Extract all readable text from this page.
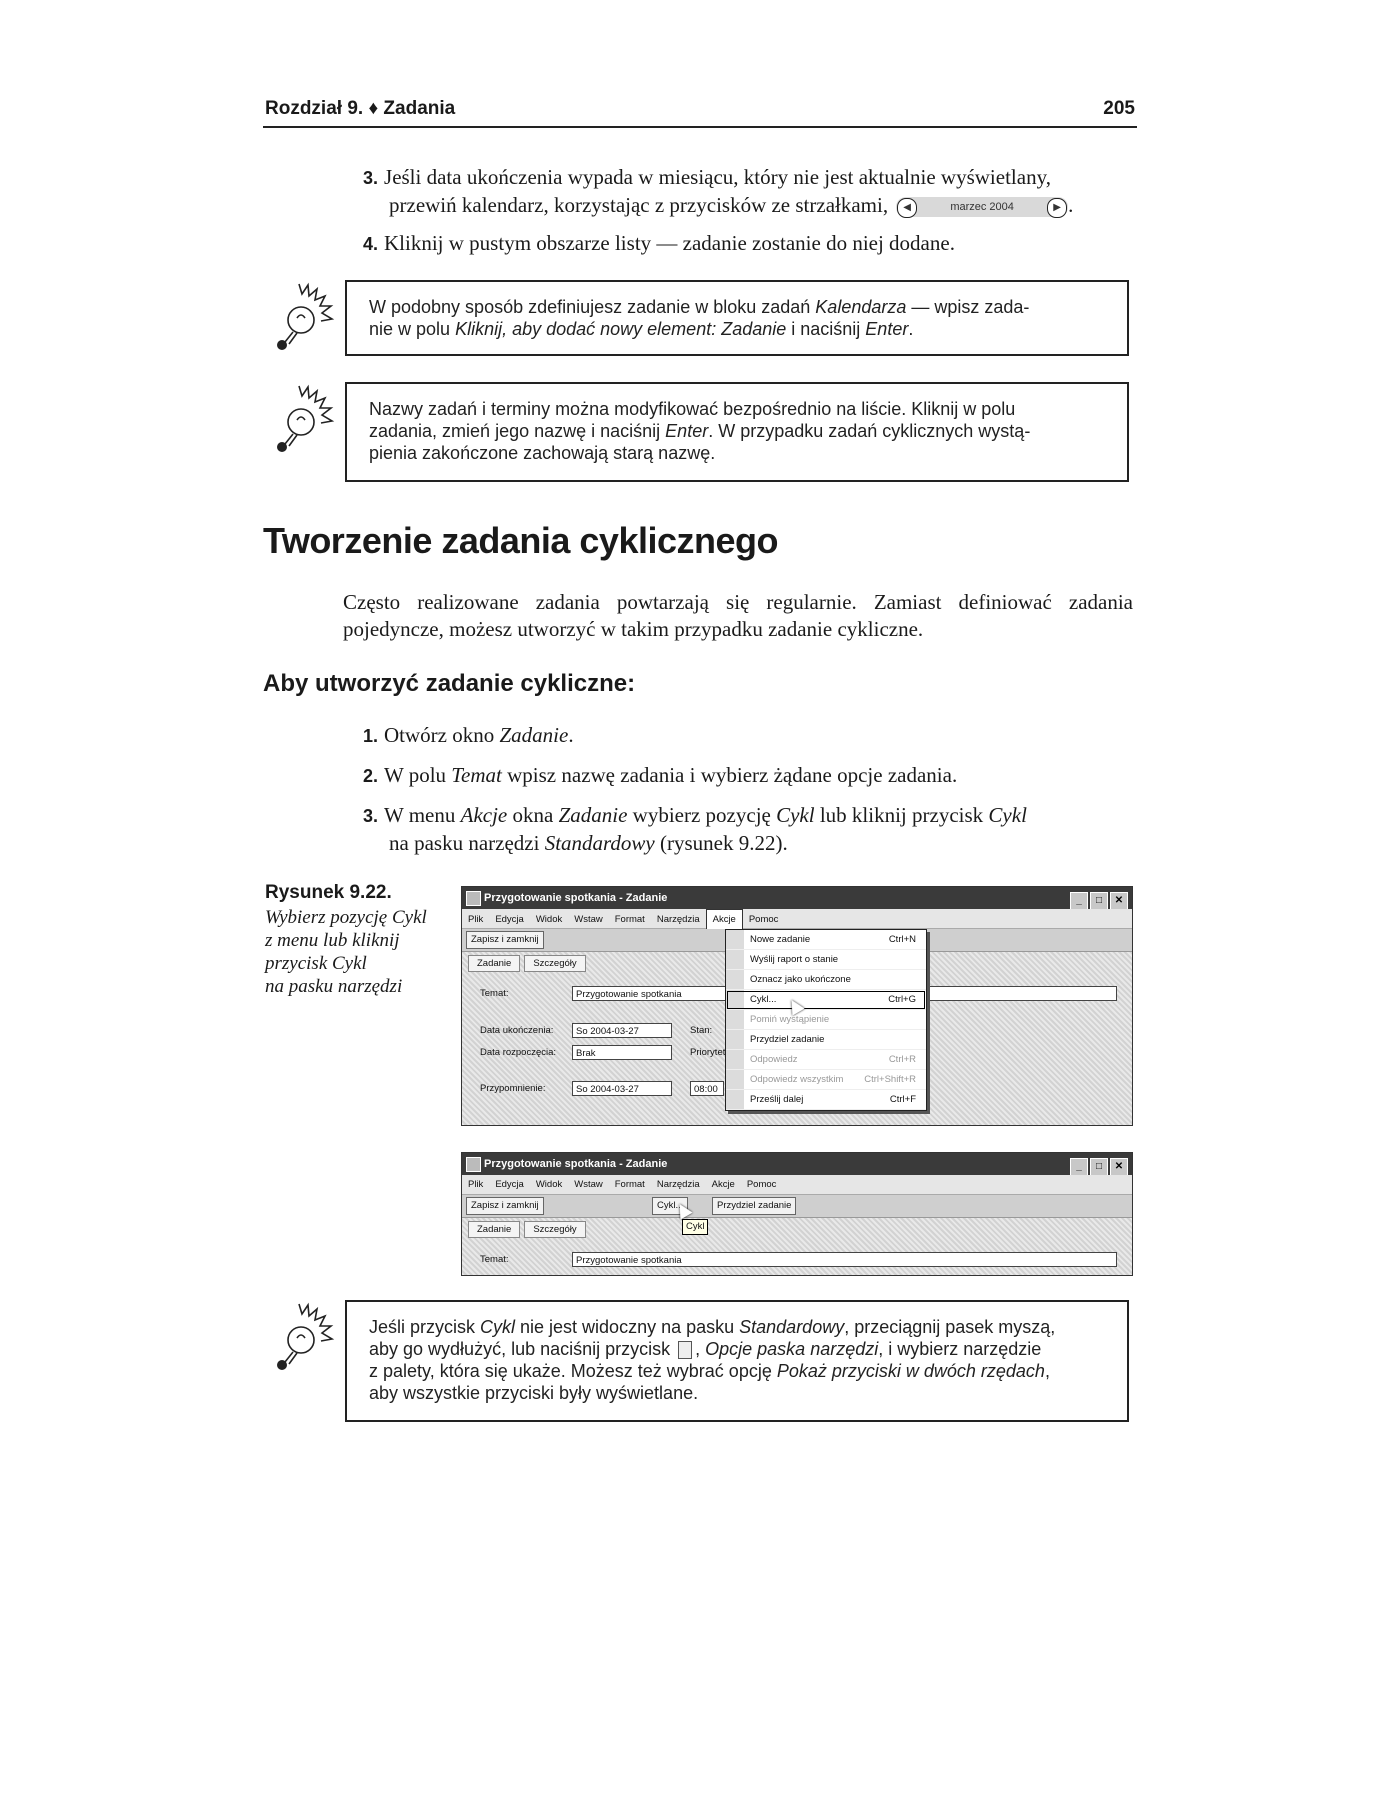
Rozdział 9. ♦ Zadania	205
3. Jeśli data ukończenia wypada w miesiącu, który nie jest aktualnie wyświetlany,
przewiń kalendarz, korzystając z przycisków ze strzałkami,	◀	marzec 2004	▶ .
4. Kliknij w pustym obszarze listy — zadanie zostanie do niej dodane.
W podobny sposób zdefiniujesz zadanie w bloku zadań Kalendarza — wpisz zada-
nie w polu Kliknij, aby dodać nowy element: Zadanie i naciśnij Enter.
Nazwy zadań i terminy można modyfikować bezpośrednio na liście. Kliknij w polu
zadania, zmień jego nazwę i naciśnij Enter. W przypadku zadań cyklicznych wystą-
pienia zakończone zachowają starą nazwę.
Tworzenie zadania cyklicznego
Często realizowane zadania powtarzają się regularnie. Zamiast definiować zadania pojedyncze, możesz utworzyć w takim przypadku zadanie cykliczne.
Aby utworzyć zadanie cykliczne:
1. Otwórz okno Zadanie.
2. W polu Temat wpisz nazwę zadania i wybierz żądane opcje zadania.
3. W menu Akcje okna Zadanie wybierz pozycję Cykl lub kliknij przycisk Cykl
na pasku narzędzi Standardowy (rysunek 9.22).
Rysunek 9.22.
Wybierz pozycję Cykl
z menu lub kliknij
przycisk Cykl
na pasku narzędzi
Przygotowanie spotkania - Zadanie	_ □ ✕
Plik Edycja Widok Wstaw Format Narzędzia Akcje Pomoc
Zapisz i zamknij
Zadanie Szczegóły
Temat:	Przygotowanie spotkania
Data ukończenia:	So 2004-03-27	Stan:
Data rozpoczęcia:	Brak	Priorytet
Przypomnienie:	So 2004-03-27	08:00
Nowe zadanie	Ctrl+N
Wyślij raport o stanie
Oznacz jako ukończone
Cykl...	Ctrl+G
Pomiń wystąpienie
Przydziel zadanie
Odpowiedz	Ctrl+R
Odpowiedz wszystkim Ctrl+Shift+R
Prześlij dalej	Ctrl+F
Przygotowanie spotkania - Zadanie	_ □ ✕
Plik Edycja Widok Wstaw Format Narzędzia Akcje Pomoc
Zapisz i zamknij	Cykl...	Przydziel zadanie
Cykl
Zadanie Szczegóły
Temat:	Przygotowanie spotkania
Jeśli przycisk Cykl nie jest widoczny na pasku Standardowy, przeciągnij pasek myszą,
aby go wydłużyć, lub naciśnij przycisk , Opcje paska narzędzi, i wybierz narzędzie
z palety, która się ukaże. Możesz też wybrać opcję Pokaż przyciski w dwóch rzędach,
aby wszystkie przyciski były wyświetlane.
